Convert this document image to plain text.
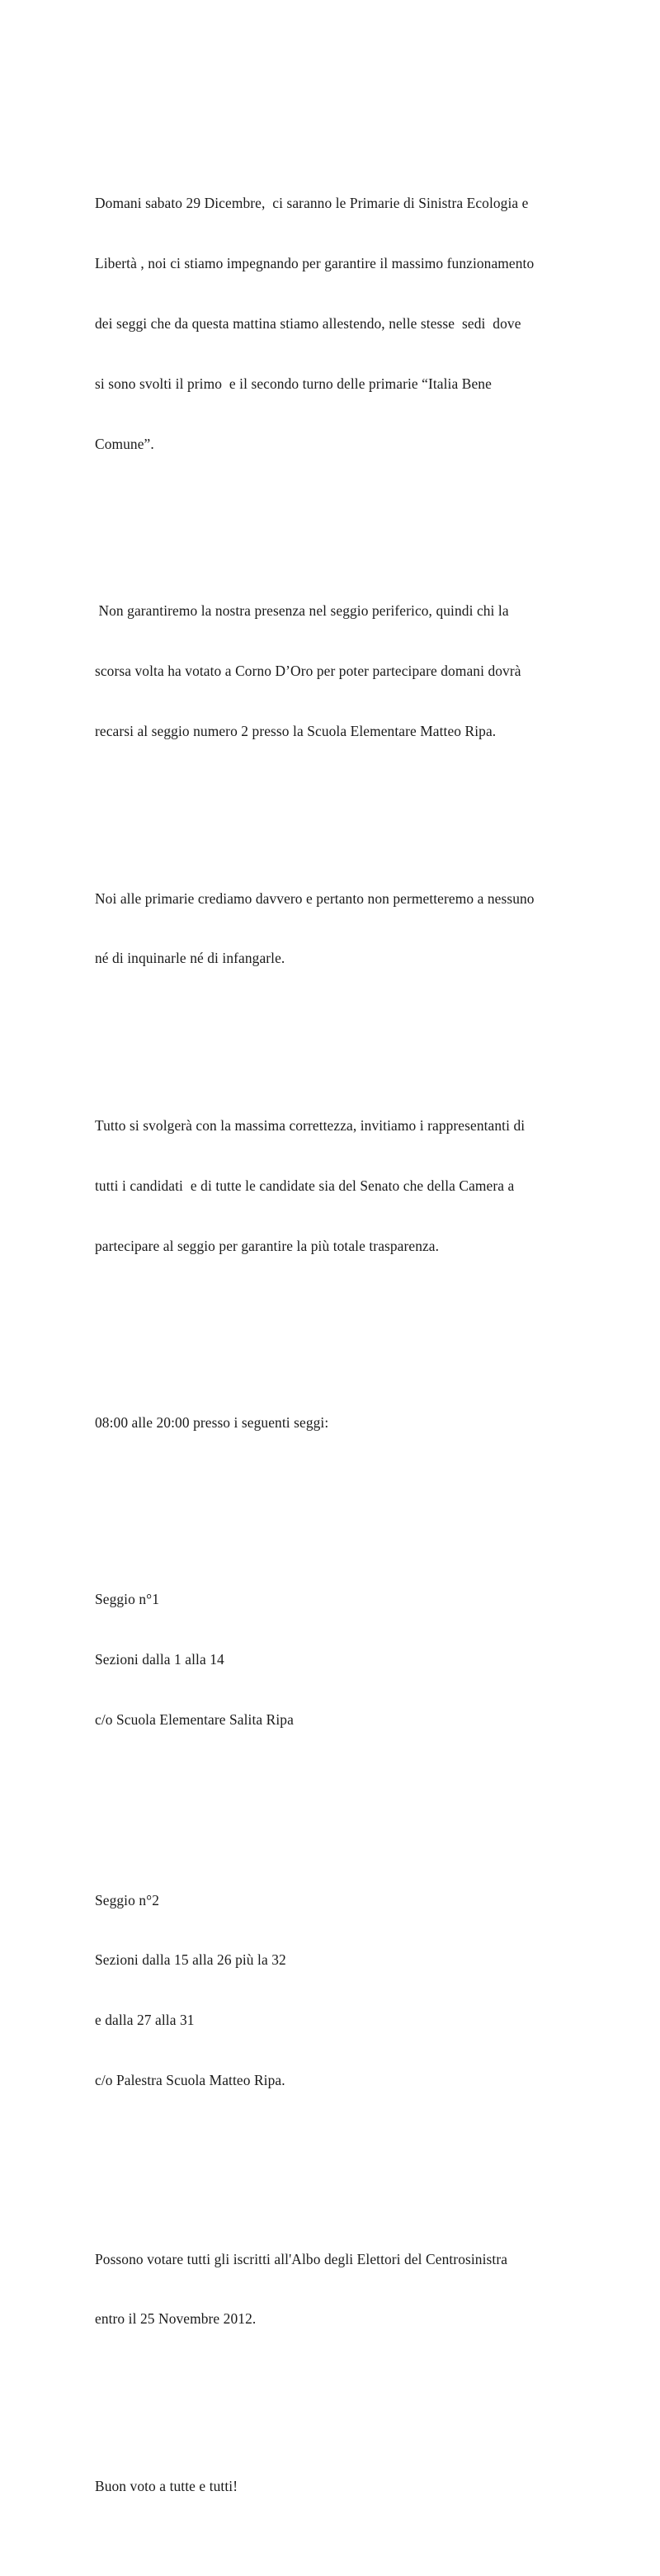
Domani sabato 29 Dicembre,  ci saranno le Primarie di Sinistra Ecologia e

Libertà , noi ci stiamo impegnando per garantire il massimo funzionamento

dei seggi che da questa mattina stiamo allestendo, nelle stesse  sedi  dove

si sono svolti il primo  e il secondo turno delle primarie “Italia Bene

Comune”.

Non garantiremo la nostra presenza nel seggio periferico, quindi chi la

scorsa volta ha votato a Corno D’Oro per poter partecipare domani dovrà

recarsi al seggio numero 2 presso la Scuola Elementare Matteo Ripa.

Noi alle primarie crediamo davvero e pertanto non permetteremo a nessuno

né di inquinarle né di infangarle.

Tutto si svolgerà con la massima correttezza, invitiamo i rappresentanti di

tutti i candidati  e di tutte le candidate sia del Senato che della Camera a

partecipare al seggio per garantire la più totale trasparenza.

08:00 alle 20:00 presso i seguenti seggi:

Seggio n°1

Sezioni dalla 1 alla 14

c/o Scuola Elementare Salita Ripa

Seggio n°2

Sezioni dalla 15 alla 26 più la 32

e dalla 27 alla 31

c/o Palestra Scuola Matteo Ripa.

Possono votare tutti gli iscritti all'Albo degli Elettori del Centrosinistra

entro il 25 Novembre 2012.

Buon voto a tutte e tutti!
